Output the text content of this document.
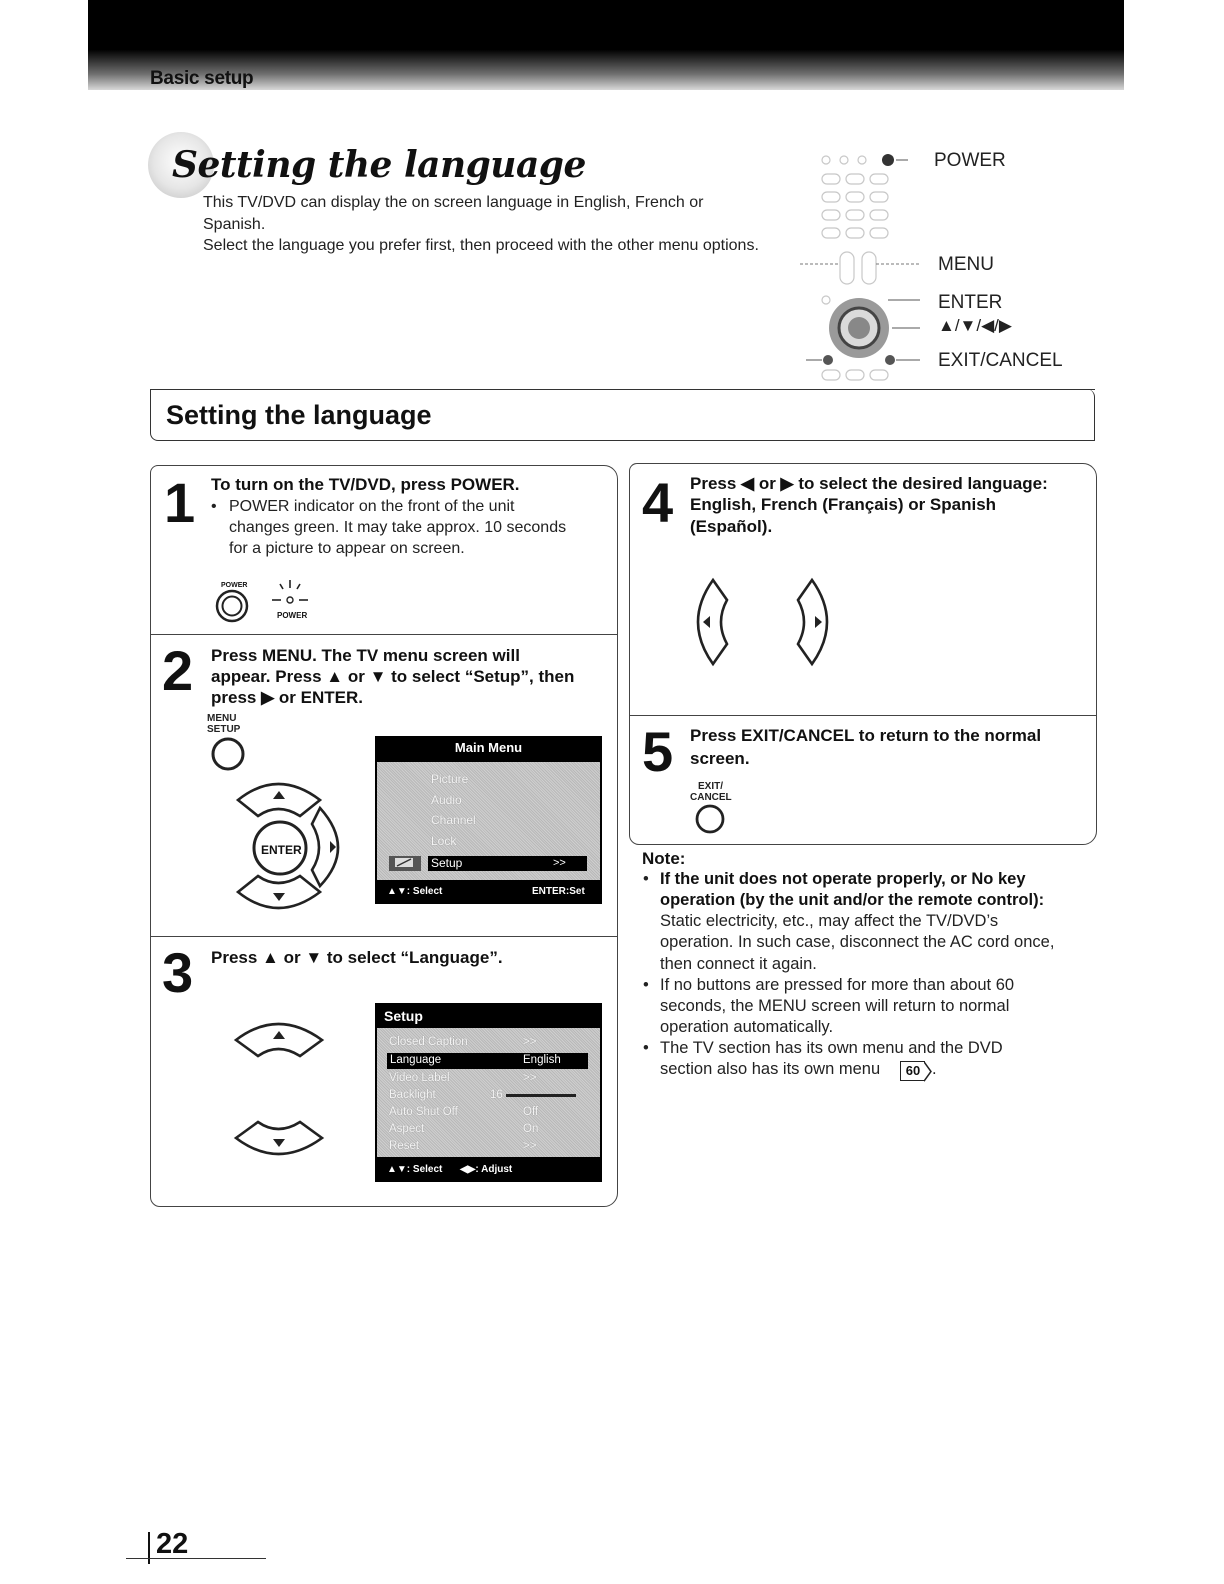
Basic setup
Setting the language
This TV/DVD can display the on screen language in English, French or
Spanish.
Select the language you prefer first, then proceed with the other menu options.
POWER
MENU
ENTER
▲/▼/◀/▶
EXIT/CANCEL
Setting the language
1 To turn on the TV/DVD, press POWER.
• POWER indicator on the front of the unit
changes green. It may take approx. 10 seconds
for a picture to appear on screen.
POWER
POWER
2 Press MENU. The TV menu screen will
appear. Press ▲ or ▼ to select “Setup”, then
press ▶ or ENTER.
MENU
SETUP
ENTER
Main Menu
Picture
Audio
Channel
Lock
Setup	>>
▲▼: Select	ENTER:Set
3 Press ▲ or ▼ to select “Language”.
Setup
Closed Caption	>>
Language	English
Video Label	>>
Backlight	16
Auto Shut Off	Off
Aspect	On
Reset	>>
▲▼: Select ◀▶: Adjust
4 Press ◀ or ▶ to select the desired language:
English, French (Français) or Spanish
(Español).
5 Press EXIT/CANCEL to return to the normal
screen.
EXIT/
CANCEL
Note:
• If the unit does not operate properly, or No key
operation (by the unit and/or the remote control):
Static electricity, etc., may affect the TV/DVD’s
operation. In such case, disconnect the AC cord once,
then connect it again.
• If no buttons are pressed for more than about 60
seconds, the MENU screen will return to normal
operation automatically.
• The TV section has its own menu and the DVD
section also has its own menu	60 .
22
